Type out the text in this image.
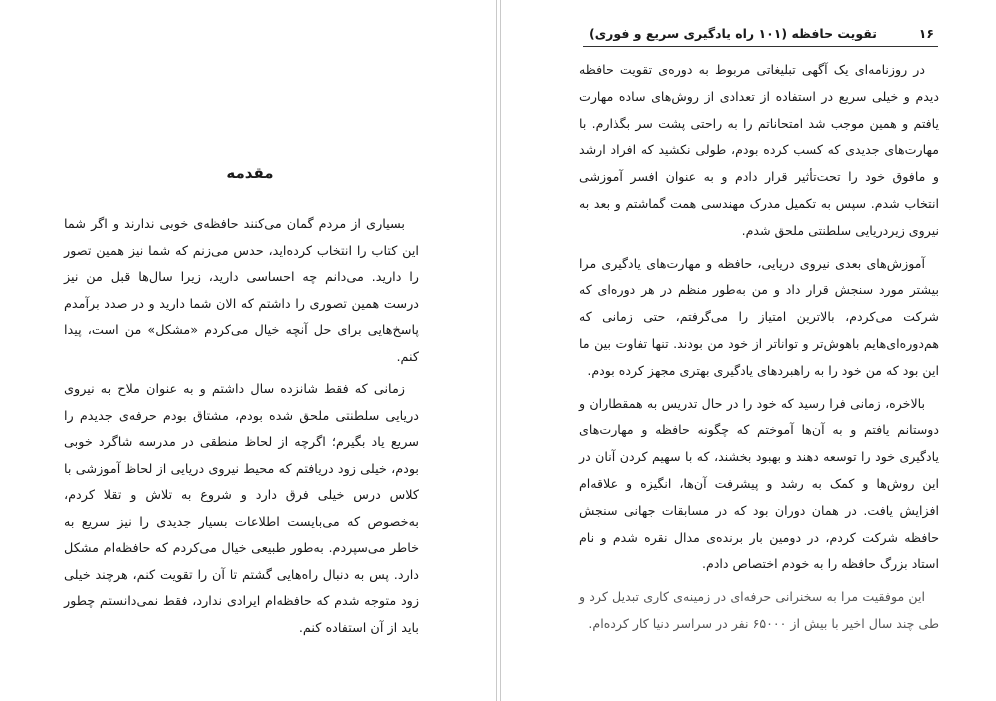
مقدمه

بسیاری از مردم گمان می‌کنند حافظه‌ی خوبی ندارند و اگر شما این کتاب را انتخاب کرده‌اید، حدس می‌زنم که شما نیز همین تصور را دارید. می‌دانم چه احساسی دارید، زیرا سال‌ها قبل من نیز درست همین تصوری را داشتم که الان شما دارید و در صدد برآمدم پاسخ‌هایی برای حل آنچه خیال می‌کردم «مشکل» من است، پیدا کنم.

زمانی که فقط شانزده سال داشتم و به عنوان ملاح به نیروی دریایی سلطنتی ملحق شده بودم، مشتاق بودم حرفه‌ی جدیدم را سریع یاد بگیرم؛ اگرچه از لحاظ منطقی در مدرسه شاگرد خوبی بودم، خیلی زود دریافتم که محیط نیروی دریایی از لحاظ آموزشی با کلاس درس خیلی فرق دارد و شروع به تلاش و تقلا کردم، به‌خصوص که می‌بایست اطلاعات بسیار جدیدی را نیز سریع به خاطر می‌سپردم. به‌طور طبیعی خیال می‌کردم که حافظه‌ام مشکل دارد. پس به دنبال راه‌هایی گشتم تا آن را تقویت کنم، هرچند خیلی زود متوجه شدم که حافظه‌ام ایرادی ندارد، فقط نمی‌دانستم چطور باید از آن استفاده کنم.

۱۶
تقویت حافظه (۱۰۱ راه یادگیری سریع و فوری)

در روزنامه‌ای یک آگهی تبلیغاتی مربوط به دوره‌ی تقویت حافظه دیدم و خیلی سریع در استفاده از تعدادی از روش‌های ساده مهارت یافتم و همین موجب شد امتحاناتم را به راحتی پشت سر بگذارم. با مهارت‌های جدیدی که کسب کرده بودم، طولی نکشید که افراد ارشد و مافوق خود را تحت‌تأثیر قرار دادم و به عنوان افسر آموزشی انتخاب شدم. سپس به تکمیل مدرک مهندسی همت گماشتم و بعد به نیروی زیردریایی سلطنتی ملحق شدم.

آموزش‌های بعدی نیروی دریایی، حافظه و مهارت‌های یادگیری مرا بیشتر مورد سنجش قرار داد و من به‌طور منظم در هر دوره‌ای که شرکت می‌کردم، بالاترین امتیاز را می‌گرفتم، حتی زمانی که هم‌دوره‌ای‌هایم باهوش‌تر و تواناتر از خود من بودند. تنها تفاوت بین ما این بود که من خود را به راهبردهای یادگیری بهتری مجهز کرده بودم.

بالاخره، زمانی فرا رسید که خود را در حال تدریس به همقطاران و دوستانم یافتم و به آن‌ها آموختم که چگونه حافظه و مهارت‌های یادگیری خود را توسعه دهند و بهبود بخشند، که با سهیم کردن آنان در این روش‌ها و کمک به رشد و پیشرفت آن‌ها، انگیزه و علاقه‌ام افزایش یافت. در همان دوران بود که در مسابقات جهانی سنجش حافظه شرکت کردم، در دومین بار برنده‌ی مدال نقره شدم و نام استاد بزرگ حافظه را به خودم اختصاص دادم.

این موفقیت مرا به سخنرانی حرفه‌ای در زمینه‌ی کاری تبدیل کرد و طی چند سال اخیر با بیش از ۶۵۰۰۰ نفر در سراسر دنیا کار کرده‌ام.
